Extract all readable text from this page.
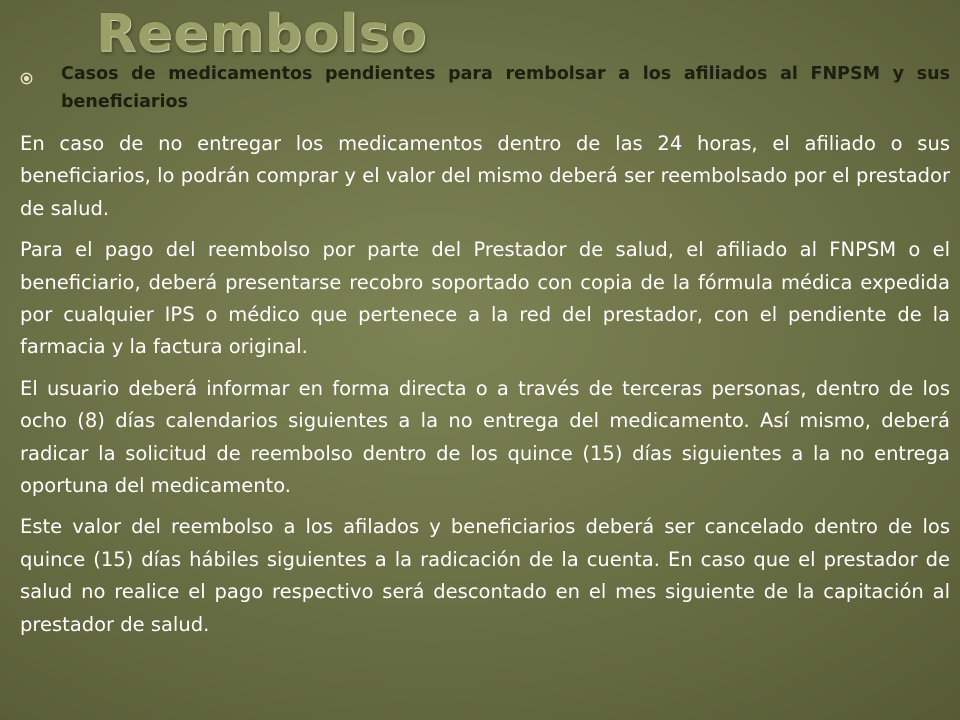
Reembolso

Casos de medicamentos pendientes para rembolsar a los afiliados al FNPSM y sus beneficiarios

En caso de no entregar los medicamentos dentro de las 24 horas, el afiliado o sus beneficiarios, lo podrán comprar y el valor del mismo deberá ser reembolsado por el prestador de salud.

Para el pago del reembolso por parte del Prestador de salud, el afiliado al FNPSM o el beneficiario, deberá presentarse recobro soportado con copia de la fórmula médica expedida por cualquier IPS o médico que pertenece a la red del prestador, con el pendiente de la farmacia y la factura original.

El usuario deberá informar en forma directa o a través de terceras personas, dentro de los ocho (8) días calendarios siguientes a la no entrega del medicamento. Así mismo, deberá radicar la solicitud de reembolso dentro de los quince (15) días siguientes a la no entrega oportuna del medicamento.

Este valor del reembolso a los afilados y beneficiarios deberá ser cancelado dentro de los quince (15) días hábiles siguientes a la radicación de la cuenta. En caso que el prestador de salud no realice el pago respectivo será descontado en el mes siguiente de la capitación al prestador de salud.
